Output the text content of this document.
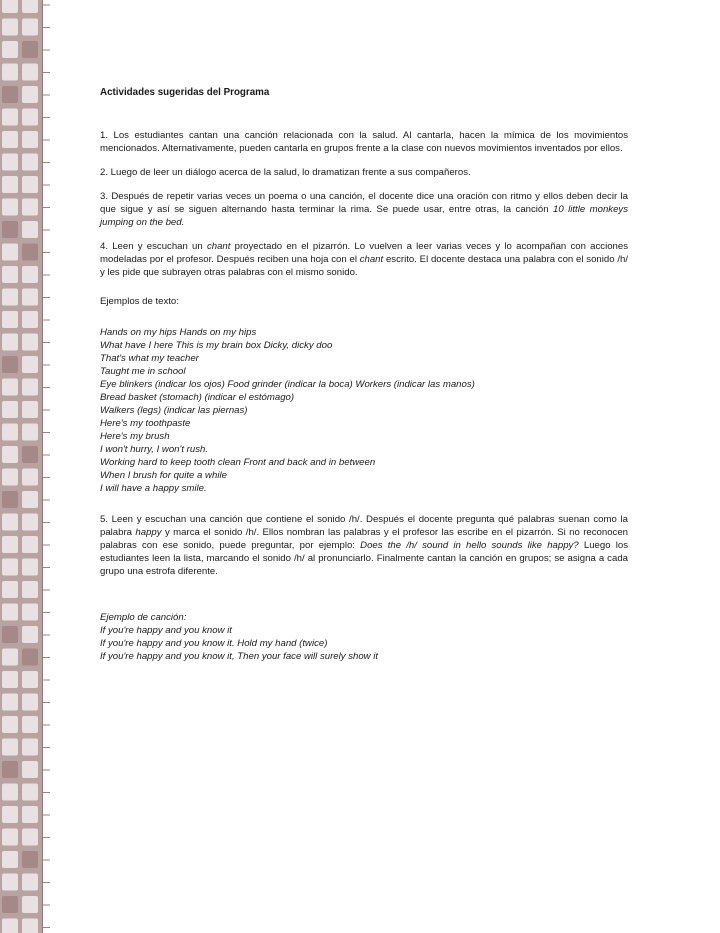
Actividades sugeridas del Programa
1. Los estudiantes cantan una canción relacionada con la salud. Al cantarla, hacen la mímica de los movimientos mencionados. Alternativamente, pueden cantarla en grupos frente a la clase con nuevos movimientos inventados por ellos.
2. Luego de leer un diálogo acerca de la salud, lo dramatizan frente a sus compañeros.
3. Después de repetir varias veces un poema o una canción, el docente dice una oración con ritmo y ellos deben decir la que sigue y así se siguen alternando hasta terminar la rima. Se puede usar, entre otras, la canción 10 little monkeys jumping on the bed.
4. Leen y escuchan un chant proyectado en el pizarrón. Lo vuelven a leer varias veces y lo acompañan con acciones modeladas por el profesor. Después reciben una hoja con el chant escrito. El docente destaca una palabra con el sonido /h/ y les pide que subrayen otras palabras con el mismo sonido.
Ejemplos de texto:
Hands on my hips Hands on my hips
What have I here This is my brain box Dicky, dicky doo
That's what my teacher
Taught me in school
Eye blinkers (indicar los ojos) Food grinder (indicar la boca) Workers (indicar las manos)
Bread basket (stomach) (indicar el estómago)
Walkers (legs) (indicar las piernas)
Here's my toothpaste
Here's my brush
I won't hurry, I won't rush.
Working hard to keep tooth clean Front and back and in between
When I brush for quite a while
I will have a happy smile.
5. Leen y escuchan una canción que contiene el sonido /h/. Después el docente pregunta qué palabras suenan como la palabra happy y marca el sonido /h/. Ellos nombran las palabras y el profesor las escribe en el pizarrón. Si no reconocen palabras con ese sonido, puede preguntar, por ejemplo: Does the /h/ sound in hello sounds like happy? Luego los estudiantes leen la lista, marcando el sonido /h/ al pronunciarlo. Finalmente cantan la canción en grupos; se asigna a cada grupo una estrofa diferente.
Ejemplo de canción:
If you're happy and you know it
If you're happy and you know it. Hold my hand (twice)
If you're happy and you know it, Then your face will surely show it
